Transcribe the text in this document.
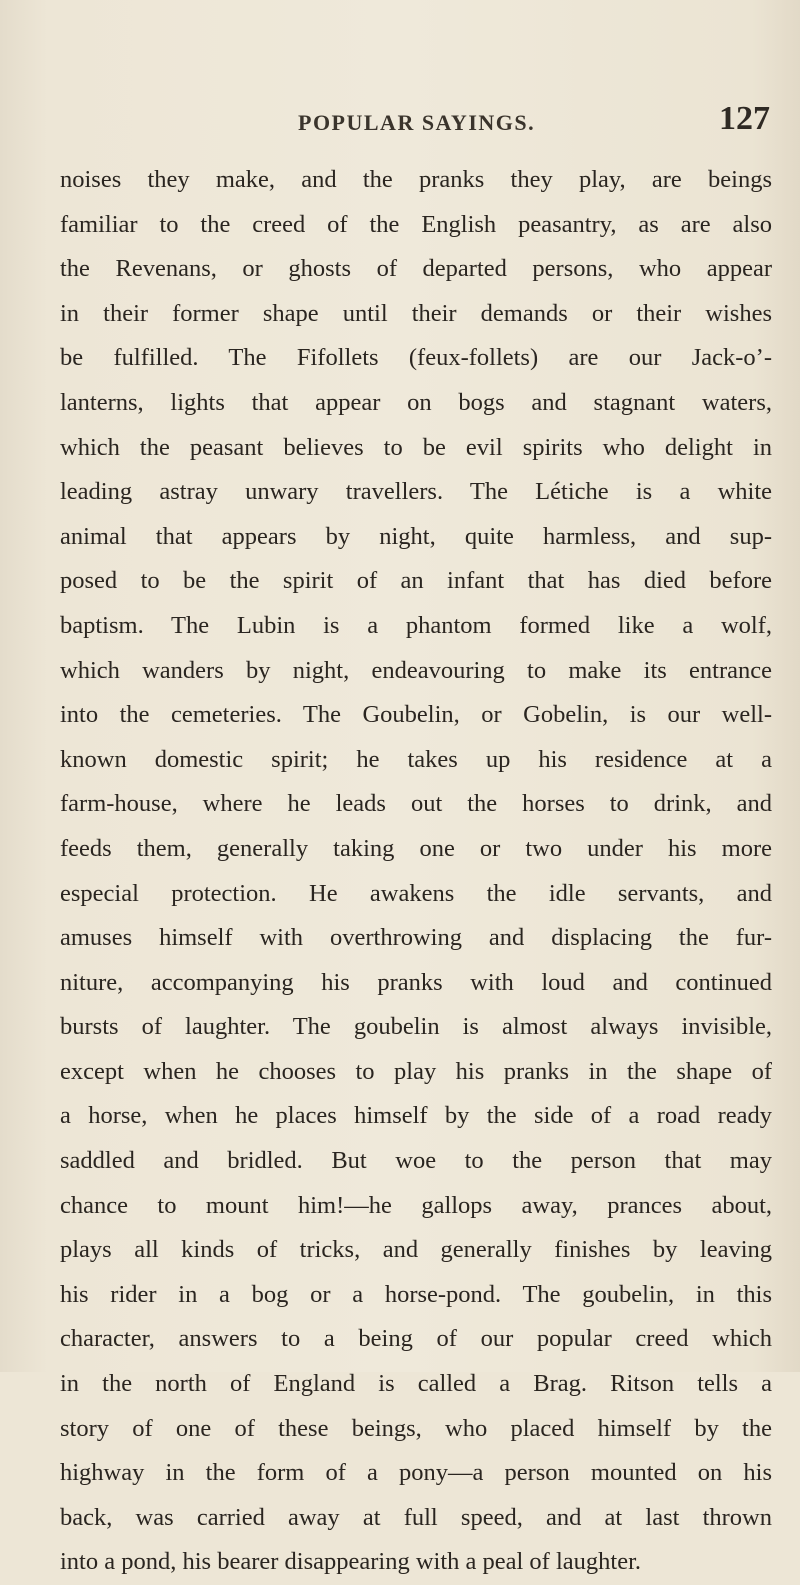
POPULAR SAYINGS.	127
noises they make, and the pranks they play, are beings
familiar to the creed of the English peasantry, as are also
the Revenans, or ghosts of departed persons, who appear
in their former shape until their demands or their wishes
be fulfilled. The Fifollets (feux-follets) are our Jack-o’-
lanterns, lights that appear on bogs and stagnant waters,
which the peasant believes to be evil spirits who delight in
leading astray unwary travellers. The Létiche is a white
animal that appears by night, quite harmless, and sup-
posed to be the spirit of an infant that has died before
baptism. The Lubin is a phantom formed like a wolf,
which wanders by night, endeavouring to make its entrance
into the cemeteries. The Goubelin, or Gobelin, is our well-
known domestic spirit; he takes up his residence at a
farm-house, where he leads out the horses to drink, and
feeds them, generally taking one or two under his more
especial protection. He awakens the idle servants, and
amuses himself with overthrowing and displacing the fur-
niture, accompanying his pranks with loud and continued
bursts of laughter. The goubelin is almost always invisible,
except when he chooses to play his pranks in the shape of
a horse, when he places himself by the side of a road ready
saddled and bridled. But woe to the person that may
chance to mount him!—he gallops away, prances about,
plays all kinds of tricks, and generally finishes by leaving
his rider in a bog or a horse-pond. The goubelin, in this
character, answers to a being of our popular creed which
in the north of England is called a Brag. Ritson tells a
story of one of these beings, who placed himself by the
highway in the form of a pony—a person mounted on his
back, was carried away at full speed, and at last thrown
into a pond, his bearer disappearing with a peal of laughter.
